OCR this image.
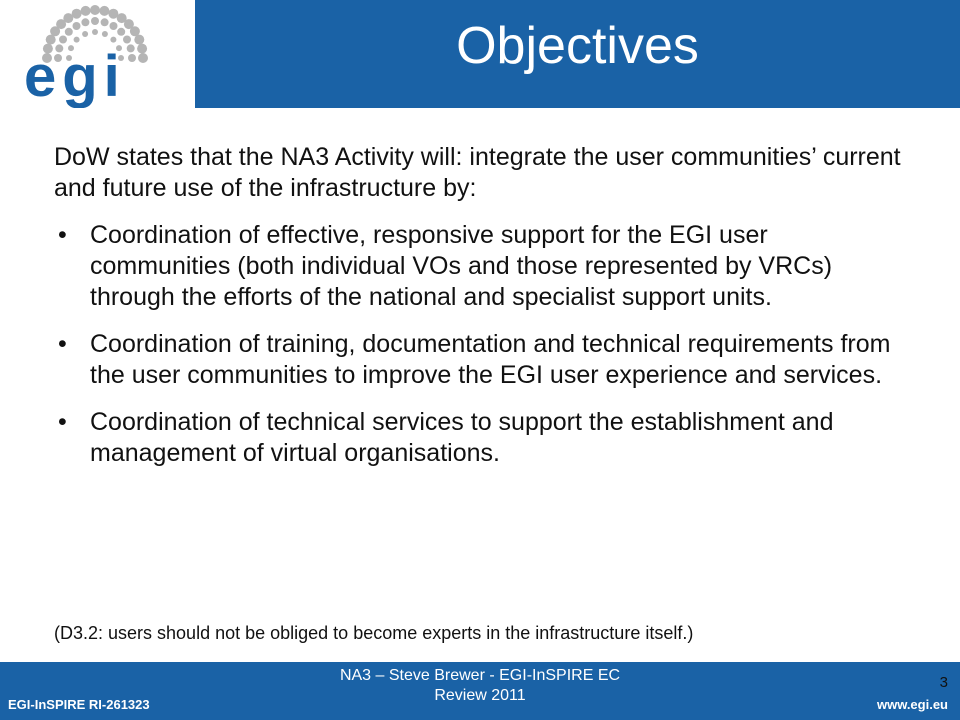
egi	Objectives

DoW states that the NA3 Activity will: integrate the user communities’ current and future use of the infrastructure by:

• Coordination of effective, responsive support for the EGI user communities (both individual VOs and those represented by VRCs) through the efforts of the national and specialist support units.
• Coordination of training, documentation and technical requirements from the user communities to improve the EGI user experience and services.
• Coordination of technical services to support the establishment and management of virtual organisations.
(D3.2: users should not be obliged to become experts in the infrastructure itself.)
NA3 – Steve Brewer - EGI-InSPIRE EC
Review 2011
EGI-InSPIRE RI-261323	www.egi.eu
3
